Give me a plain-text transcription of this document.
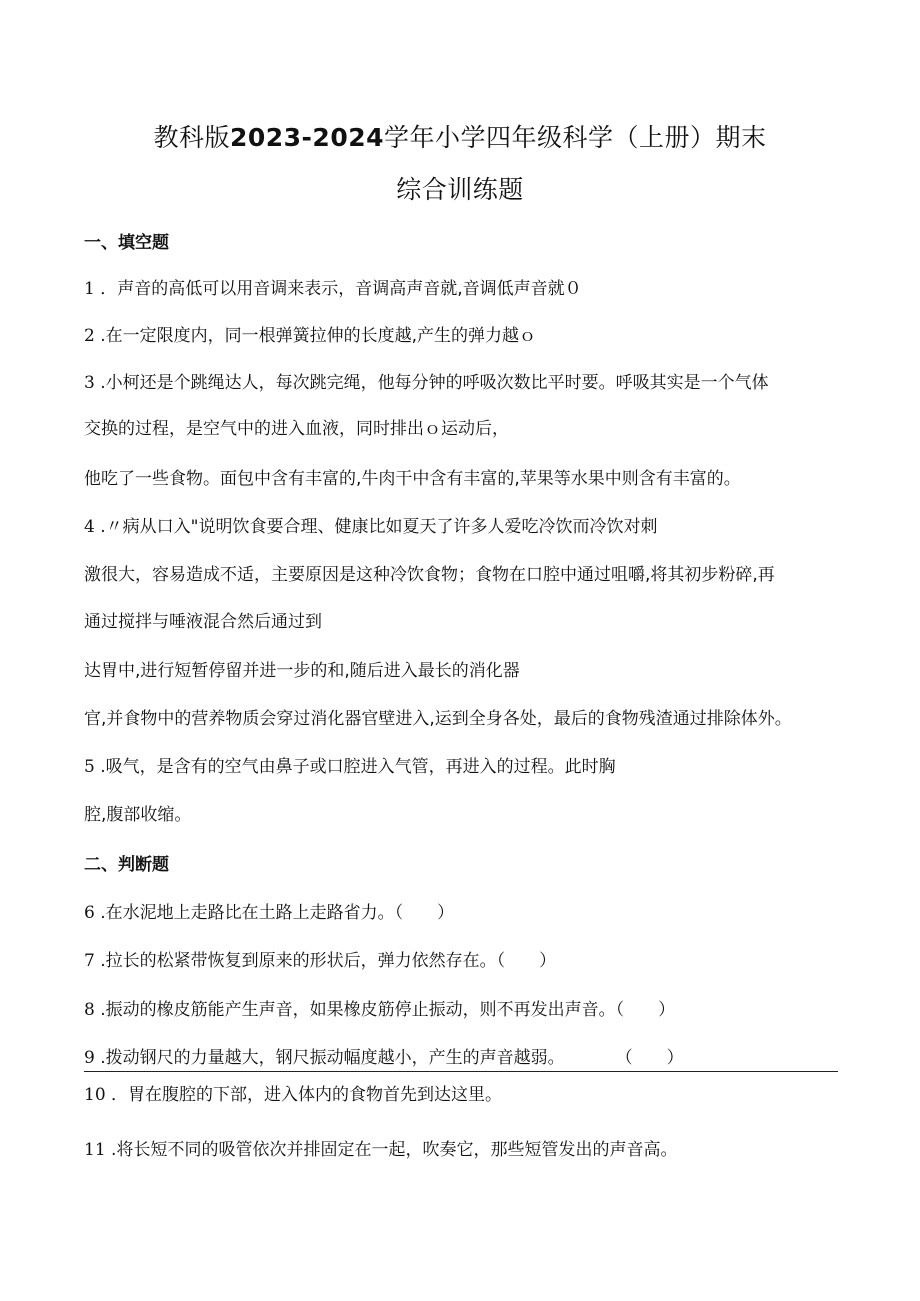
教科版2023-2024学年小学四年级科学（上册）期末
综合训练题
一、填空题
1 ．声音的高低可以用音调来表示，音调高声音就,音调低声音就０
2 .在一定限度内，同一根弹簧拉伸的长度越,产生的弹力越ｏ
3 .小柯还是个跳绳达人，每次跳完绳，他每分钟的呼吸次数比平时要。呼吸其实是一个气体
交换的过程，是空气中的进入血液，同时排出ｏ运动后，
他吃了一些食物。面包中含有丰富的,牛肉干中含有丰富的,苹果等水果中则含有丰富的。
4 .〃病从口入"说明饮食要合理、健康比如夏天了许多人爱吃冷饮而冷饮对刺
激很大，容易造成不适，主要原因是这种冷饮食物；食物在口腔中通过咀嚼,将其初步粉碎,再
通过搅拌与唾液混合然后通过到
达胃中,进行短暂停留并进一步的和,随后进入最长的消化器
官,并食物中的营养物质会穿过消化器官壁进入,运到全身各处，最后的食物残渣通过排除体外。
5 .吸气，是含有的空气由鼻子或口腔进入气管，再进入的过程。此时胸
腔,腹部收缩。
二、判断题
6 .在水泥地上走路比在土路上走路省力。（　　）
7 .拉长的松紧带恢复到原来的形状后，弹力依然存在。（　　）
8 .振动的橡皮筋能产生声音，如果橡皮筋停止振动，则不再发出声音。（　　）
9 .拨动钢尺的力量越大，钢尺振动幅度越小，产生的声音越弱。　　　　（　　）
10 ．胃在腹腔的下部，进入体内的食物首先到达这里。
11 .将长短不同的吸管依次并排固定在一起，吹奏它，那些短管发出的声音高。
